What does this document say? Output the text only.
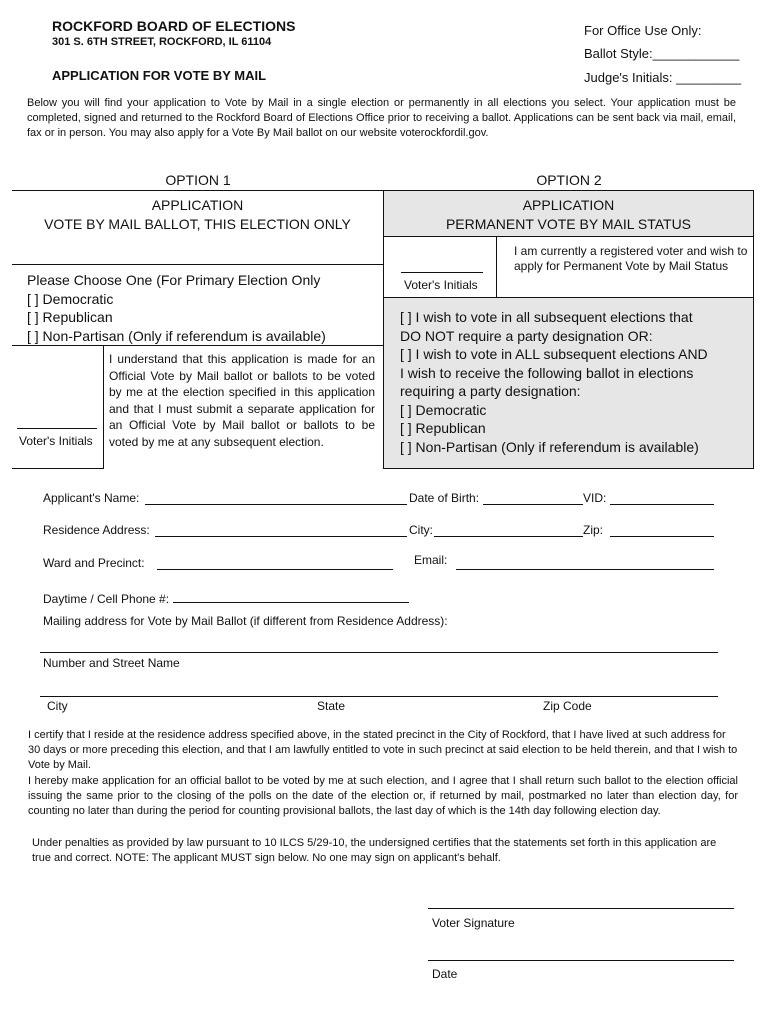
ROCKFORD BOARD OF ELECTIONS
301 S. 6TH STREET, ROCKFORD, IL 61104
APPLICATION FOR VOTE BY MAIL
For Office Use Only:
Ballot Style:____________
Judge's Initials: _________
Below you will find your application to Vote by Mail in a single election or permanently in all elections you select. Your application must be completed, signed and returned to the Rockford Board of Elections Office prior to receiving a ballot. Applications can be sent back via mail, email, fax or in person. You may also apply for a Vote By Mail ballot on our website voterockfordil.gov.
OPTION 1	OPTION 2
APPLICATION
VOTE BY MAIL BALLOT, THIS ELECTION ONLY
Please Choose One (For Primary Election Only
[ ] Democratic
[ ] Republican
[ ] Non-Partisan (Only if referendum is available)
Voter's Initials
I understand that this application is made for an Official Vote by Mail ballot or ballots to be voted by me at the election specified in this application and that I must submit a separate application for an Official Vote by Mail ballot or ballots to be voted by me at any subsequent election.
APPLICATION
PERMANENT VOTE BY MAIL STATUS
Voter's Initials
I am currently a registered voter and wish to apply for Permanent Vote by Mail Status
[ ] I wish to vote in all subsequent elections that
DO NOT require a party designation OR:
[ ] I wish to vote in ALL subsequent elections AND
I wish to receive the following ballot in elections
requiring a party designation:
[ ] Democratic
[ ] Republican
[ ] Non-Partisan (Only if referendum is available)
Applicant's Name:	Date of Birth:	VID:
Residence Address:	City:	Zip:
Ward and Precinct:	Email:
Daytime / Cell Phone #:
Mailing address for Vote by Mail Ballot (if different from Residence Address):
Number and Street Name
City	State	Zip Code
I certify that I reside at the residence address specified above, in the stated precinct in the City of Rockford, that I have lived at such address for 30 days or more preceding this election, and that I am lawfully entitled to vote in such precinct at said election to be held therein, and that I wish to Vote by Mail.
I hereby make application for an official ballot to be voted by me at such election, and I agree that I shall return such ballot to the election official issuing the same prior to the closing of the polls on the date of the election or, if returned by mail, postmarked no later than election day, for counting no later than during the period for counting provisional ballots, the last day of which is the 14th day following election day.
Under penalties as provided by law pursuant to 10 ILCS 5/29-10, the undersigned certifies that the statements set forth in this application are true and correct. NOTE: The applicant MUST sign below. No one may sign on applicant's behalf.
Voter Signature
Date
